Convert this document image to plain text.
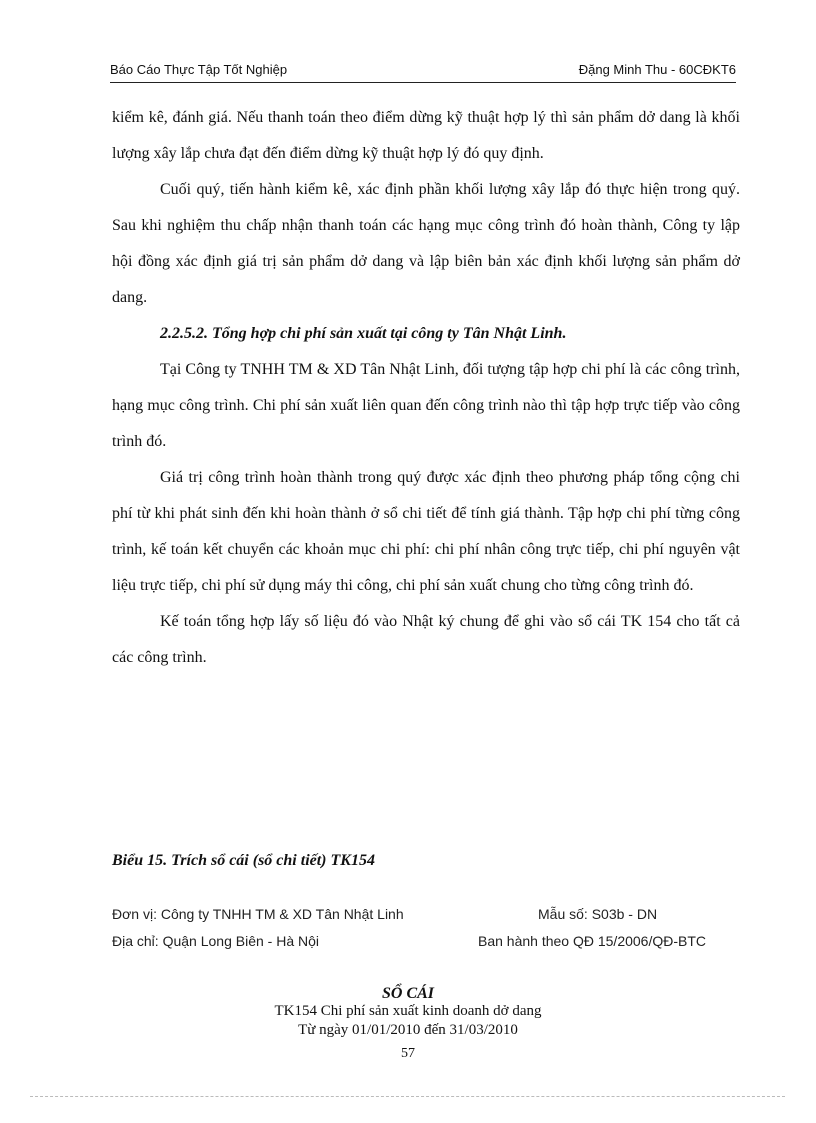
Báo Cáo Thực Tập Tốt Nghiệp	Đặng Minh Thu - 60CĐKT6

kiểm kê, đánh giá. Nếu thanh toán theo điểm dừng kỹ thuật hợp lý thì sản phẩm dở dang là khối lượng xây lắp chưa đạt đến điểm dừng kỹ thuật hợp lý đó quy định.

Cuối quý, tiến hành kiểm kê, xác định phần khối lượng xây lắp đó thực hiện trong quý. Sau khi nghiệm thu chấp nhận thanh toán các hạng mục công trình đó hoàn thành, Công ty lập hội đồng xác định giá trị sản phẩm dở dang và lập biên bản xác định khối lượng sản phẩm dở dang.

2.2.5.2. Tổng hợp chi phí sản xuất tại công ty Tân Nhật Linh.

Tại Công ty TNHH TM & XD Tân Nhật Linh, đối tượng tập hợp chi phí là các công trình, hạng mục công trình. Chi phí sản xuất liên quan đến công trình nào thì tập hợp trực tiếp vào công trình đó.

Giá trị công trình hoàn thành trong quý được xác định theo phương pháp tổng cộng chi phí từ khi phát sinh đến khi hoàn thành ở sổ chi tiết để tính giá thành. Tập hợp chi phí từng công trình, kế toán kết chuyển các khoản mục chi phí: chi phí nhân công trực tiếp, chi phí nguyên vật liệu trực tiếp, chi phí sử dụng máy thi công, chi phí sản xuất chung cho từng công trình đó.

Kế toán tổng hợp lấy số liệu đó vào Nhật ký chung để ghi vào sổ cái TK 154 cho tất cả các công trình.

Biểu 15. Trích sổ cái (sổ chi tiết) TK154
Đơn vị: Công ty TNHH TM & XD Tân Nhật Linh	Mẫu số: S03b - DN
Địa chỉ: Quận Long Biên - Hà Nội	Ban hành theo QĐ 15/2006/QĐ-BTC
SỔ CÁI
TK154 Chi phí sản xuất kinh doanh dở dang
Từ ngày 01/01/2010 đến 31/03/2010
57
